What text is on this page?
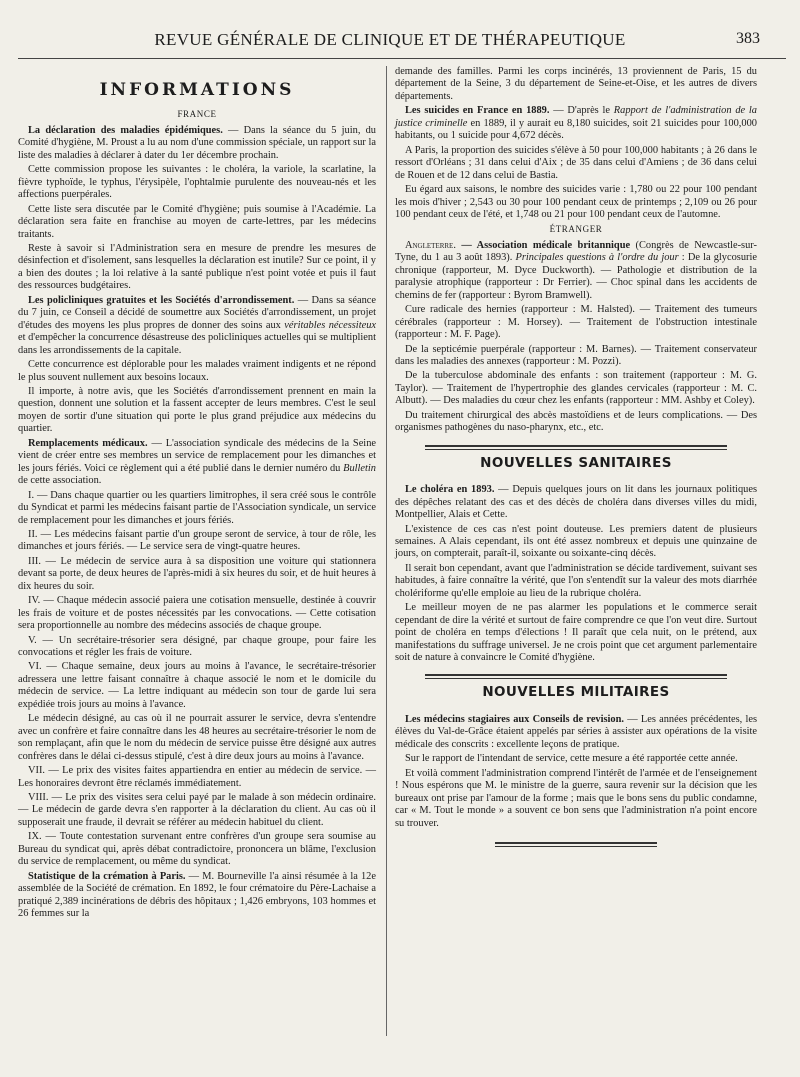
REVUE GÉNÉRALE DE CLINIQUE ET DE THÉRAPEUTIQUE	383
INFORMATIONS
FRANCE

La déclaration des maladies épidémiques. — Dans la séance du 5 juin, du Comité d'hygiène, M. Proust a lu au nom d'une commission spéciale, un rapport sur la liste des maladies à déclarer à dater du 1er décembre prochain.

Cette commission propose les suivantes : le choléra, la variole, la scarlatine, la fièvre typhoïde, le typhus, l'érysipèle, l'ophtalmie purulente des nouveau-nés et les affections puerpérales.

Cette liste sera discutée par le Comité d'hygiène; puis soumise à l'Académie. La déclaration sera faite en franchise au moyen de carte-lettres, par les médecins traitants.

Reste à savoir si l'Administration sera en mesure de prendre les mesures de désinfection et d'isolement, sans lesquelles la déclaration est inutile? Sur ce point, il y a bien des doutes ; la loi relative à la santé publique n'est point votée et puis il faut des ressources budgétaires.

Les policliniques gratuites et les Sociétés d'arrondissement. — Dans sa séance du 7 juin, ce Conseil a décidé de soumettre aux Sociétés d'arrondissement, un projet d'études des moyens les plus propres de donner des soins aux véritables nécessiteux et d'empêcher la concurrence désastreuse des policliniques actuelles qui se multiplient dans les arrondissements de la capitale.

Cette concurrence est déplorable pour les malades vraiment indigents et ne répond le plus souvent nullement aux besoins locaux.

Il importe, à notre avis, que les Sociétés d'arrondissement prennent en main la question, donnent une solution et la fassent accepter de leurs membres. C'est le seul moyen de sortir d'une situation qui porte le plus grand préjudice aux médecins du quartier.

Remplacements médicaux. — L'association syndicale des médecins de la Seine vient de créer entre ses membres un service de remplacement pour les dimanches et les jours fériés. Voici ce règlement qui a été publié dans le dernier numéro du Bulletin de cette association.

I. — Dans chaque quartier ou les quartiers limitrophes, il sera créé sous le contrôle du Syndicat et parmi les médecins faisant partie de l'Association syndicale, un service de remplacement pour les dimanches et jours fériés.

II. — Les médecins faisant partie d'un groupe seront de service, à tour de rôle, les dimanches et jours fériés. — Le service sera de vingt-quatre heures.

III. — Le médecin de service aura à sa disposition une voiture qui stationnera devant sa porte, de deux heures de l'après-midi à six heures du soir, et de huit heures à dix heures du soir.

IV. — Chaque médecin associé paiera une cotisation mensuelle, destinée à couvrir les frais de voiture et de postes nécessités par les convocations. — Cette cotisation sera proportionnelle au nombre des médecins associés de chaque groupe.

V. — Un secrétaire-trésorier sera désigné, par chaque groupe, pour faire les convocations et régler les frais de voiture.

VI. — Chaque semaine, deux jours au moins à l'avance, le secrétaire-trésorier adressera une lettre faisant connaître à chaque associé le nom et le domicile du médecin de service. — La lettre indiquant au médecin son tour de garde lui sera expédiée trois jours au moins à l'avance.

Le médecin désigné, au cas où il ne pourrait assurer le service, devra s'entendre avec un confrère et faire connaître dans les 48 heures au secrétaire-trésorier le nom de son remplaçant, afin que le nom du médecin de service puisse être désigné aux autres confrères dans le délai ci-dessus stipulé, c'est à dire deux jours au moins à l'avance.

VII. — Le prix des visites faites appartiendra en entier au médecin de service. — Les honoraires devront être réclamés immédiatement.

VIII. — Le prix des visites sera celui payé par le malade à son médecin ordinaire. — Le médecin de garde devra s'en rapporter à la déclaration du client. Au cas où il supposerait une fraude, il devrait se référer au médecin habituel du client.

IX. — Toute contestation survenant entre confrères d'un groupe sera soumise au Bureau du syndicat qui, après débat contradictoire, prononcera un blâme, l'exclusion du service de remplacement, ou même du syndicat.

Statistique de la crémation à Paris. — M. Bourneville l'a ainsi résumée à la 12e assemblée de la Société de crémation. En 1892, le four crématoire du Père-Lachaise a pratiqué 2,389 incinérations de débris des hôpitaux ; 1,426 embryons, 103 hommes et 26 femmes sur la

demande des familles. Parmi les corps incinérés, 13 proviennent de Paris, 15 du département de la Seine, 3 du département de Seine-et-Oise, et les autres de divers départements.

Les suicides en France en 1889. — D'après le Rapport de l'administration de la justice criminelle en 1889, il y aurait eu 8,180 suicides, soit 21 suicides pour 100,000 habitants, ou 1 suicide pour 4,672 décès.

A Paris, la proportion des suicides s'élève à 50 pour 100,000 habitants ; à 26 dans le ressort d'Orléans ; 31 dans celui d'Aix ; de 35 dans celui d'Amiens ; de 36 dans celui de Rouen et de 12 dans celui de Bastia.

Eu égard aux saisons, le nombre des suicides varie : 1,780 ou 22 pour 100 pendant les mois d'hiver ; 2,543 ou 30 pour 100 pendant ceux de printemps ; 2,109 ou 26 pour 100 pendant ceux de l'été, et 1,748 ou 21 pour 100 pendant ceux de l'automne.

ÉTRANGER

Angleterre. — Association médicale britannique (Congrès de Newcastle-sur-Tyne, du 1 au 3 août 1893). Principales questions à l'ordre du jour : De la glycosurie chronique (rapporteur, M. Dyce Duckworth). — Pathologie et distribution de la paralysie atrophique (rapporteur : Dr Ferrier). — Choc spinal dans les accidents de chemins de fer (rapporteur : Byrom Bramwell).

Cure radicale des hernies (rapporteur : M. Halsted). — Traitement des tumeurs cérébrales (rapporteur : M. Horsey). — Traitement de l'obstruction intestinale (rapporteur : M. F. Page).

De la septicémie puerpérale (rapporteur : M. Barnes). — Traitement conservateur dans les maladies des annexes (rapporteur : M. Pozzi).

De la tuberculose abdominale des enfants : son traitement (rapporteur : M. G. Taylor). — Traitement de l'hypertrophie des glandes cervicales (rapporteur : M. C. Albutt). — Des maladies du cœur chez les enfants (rapporteur : MM. Ashby et Coley).

Du traitement chirurgical des abcès mastoïdiens et de leurs complications. — Des organismes pathogènes du naso-pharynx, etc., etc.

NOUVELLES SANITAIRES

Le choléra en 1893. — Depuis quelques jours on lit dans les journaux politiques des dépêches relatant des cas et des décès de choléra dans diverses villes du midi, Montpellier, Alais et Cette.

L'existence de ces cas n'est point douteuse. Les premiers datent de plusieurs semaines. A Alais cependant, ils ont été assez nombreux et depuis une quinzaine de jours, on compterait, paraît-il, soixante ou soixante-cinq décès.

Il serait bon cependant, avant que l'administration se décide tardivement, suivant ses habitudes, à faire connaître la vérité, que l'on s'entendît sur la valeur des mots diarrhée cholériforme qu'elle emploie au lieu de la rubrique choléra.

Le meilleur moyen de ne pas alarmer les populations et le commerce serait cependant de dire la vérité et surtout de faire comprendre ce que l'on veut dire. Surtout point de choléra en temps d'élections ! Il paraît que cela nuit, on le prétend, aux manifestations du suffrage universel. Je ne crois point que cet argument parlementaire soit de nature à convaincre le Comité d'hygiène.

NOUVELLES MILITAIRES

Les médecins stagiaires aux Conseils de revision. — Les années précédentes, les élèves du Val-de-Grâce étaient appelés par séries à assister aux opérations de la visite médicale des conscrits : excellente leçons de pratique.

Sur le rapport de l'intendant de service, cette mesure a été rapportée cette année.

Et voilà comment l'administration comprend l'intérêt de l'armée et de l'enseignement ! Nous espérons que M. le ministre de la guerre, saura revenir sur la décision que les bureaux ont prise par l'amour de la forme ; mais que le bons sens du public condamne, car « M. Tout le monde » a souvent ce bon sens que l'administration n'a point encore su trouver.
